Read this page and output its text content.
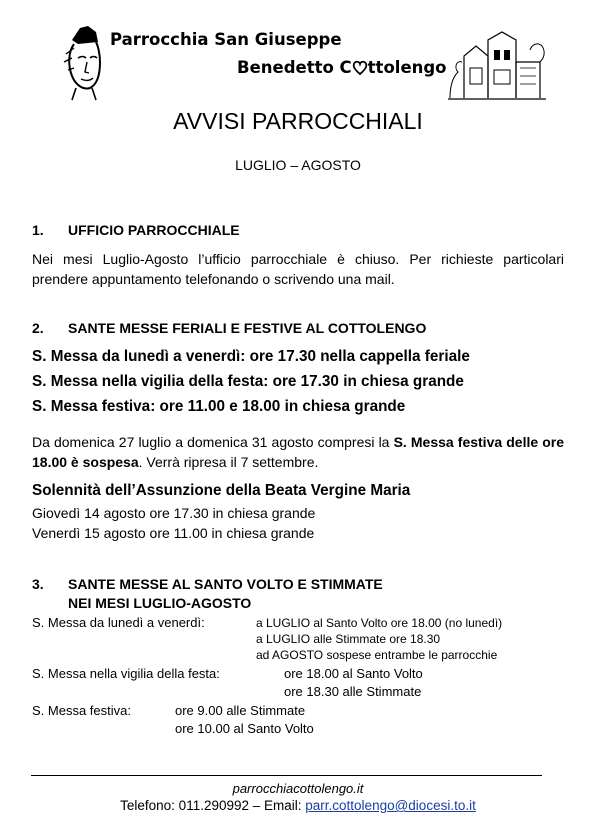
Parrocchia San Giuseppe
Benedetto C ttolengo
AVVISI PARROCCHIALI
LUGLIO – AGOSTO
1. UFFICIO PARROCCHIALE
Nei mesi Luglio-Agosto l’ufficio parrocchiale è chiuso. Per richieste particolari prendere appuntamento telefonando o scrivendo una mail.
2. SANTE MESSE FERIALI E FESTIVE AL COTTOLENGO
S. Messa da lunedì a venerdì: ore 17.30 nella cappella feriale
S. Messa nella vigilia della festa: ore 17.30 in chiesa grande
S. Messa festiva: ore 11.00 e 18.00 in chiesa grande
Da domenica 27 luglio a domenica 31 agosto compresi la S. Messa festiva delle ore 18.00 è sospesa. Verrà ripresa il 7 settembre.
Solennità dell’Assunzione della Beata Vergine Maria
Giovedì 14 agosto ore 17.30 in chiesa grande
Venerdì 15 agosto ore 11.00 in chiesa grande
3. SANTE MESSE AL SANTO VOLTO E STIMMATE
NEI MESI LUGLIO-AGOSTO
S. Messa da lunedì a venerdì:	a LUGLIO al Santo Volto ore 18.00 (no lunedì)
a LUGLIO alle Stimmate ore 18.30
ad AGOSTO sospese entrambe le parrocchie
S. Messa nella vigilia della festa:	ore 18.00 al Santo Volto
ore 18.30 alle Stimmate
S. Messa festiva:	ore 9.00 alle Stimmate
ore 10.00 al Santo Volto
parrocchiacottolengo.it
Telefono: 011.290992 – Email: parr.cottolengo@diocesi.to.it
